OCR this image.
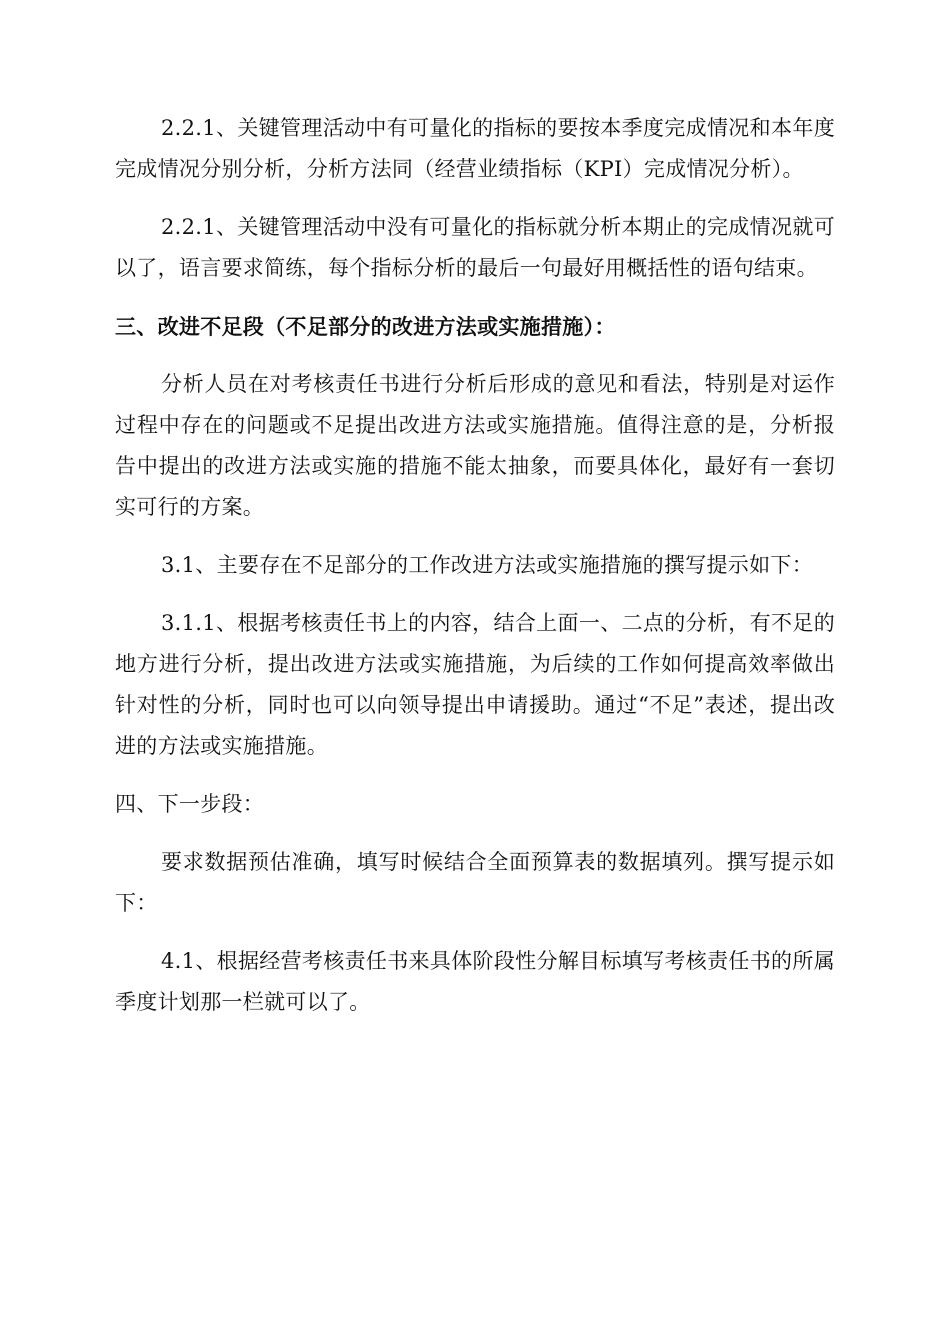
2.2.1、关键管理活动中有可量化的指标的要按本季度完成情况和本年度完成情况分别分析，分析方法同（经营业绩指标（KPI）完成情况分析）。

2.2.1、关键管理活动中没有可量化的指标就分析本期止的完成情况就可以了，语言要求简练，每个指标分析的最后一句最好用概括性的语句结束。

三、改进不足段（不足部分的改进方法或实施措施）：

分析人员在对考核责任书进行分析后形成的意见和看法，特别是对运作过程中存在的问题或不足提出改进方法或实施措施。值得注意的是，分析报告中提出的改进方法或实施的措施不能太抽象，而要具体化，最好有一套切实可行的方案。

3.1、主要存在不足部分的工作改进方法或实施措施的撰写提示如下：

3.1.1、根据考核责任书上的内容，结合上面一、二点的分析，有不足的地方进行分析，提出改进方法或实施措施，为后续的工作如何提高效率做出针对性的分析，同时也可以向领导提出申请援助。通过“不足”表述，提出改进的方法或实施措施。

四、下一步段：

要求数据预估准确，填写时候结合全面预算表的数据填列。撰写提示如下：

4.1、根据经营考核责任书来具体阶段性分解目标填写考核责任书的所属季度计划那一栏就可以了。
